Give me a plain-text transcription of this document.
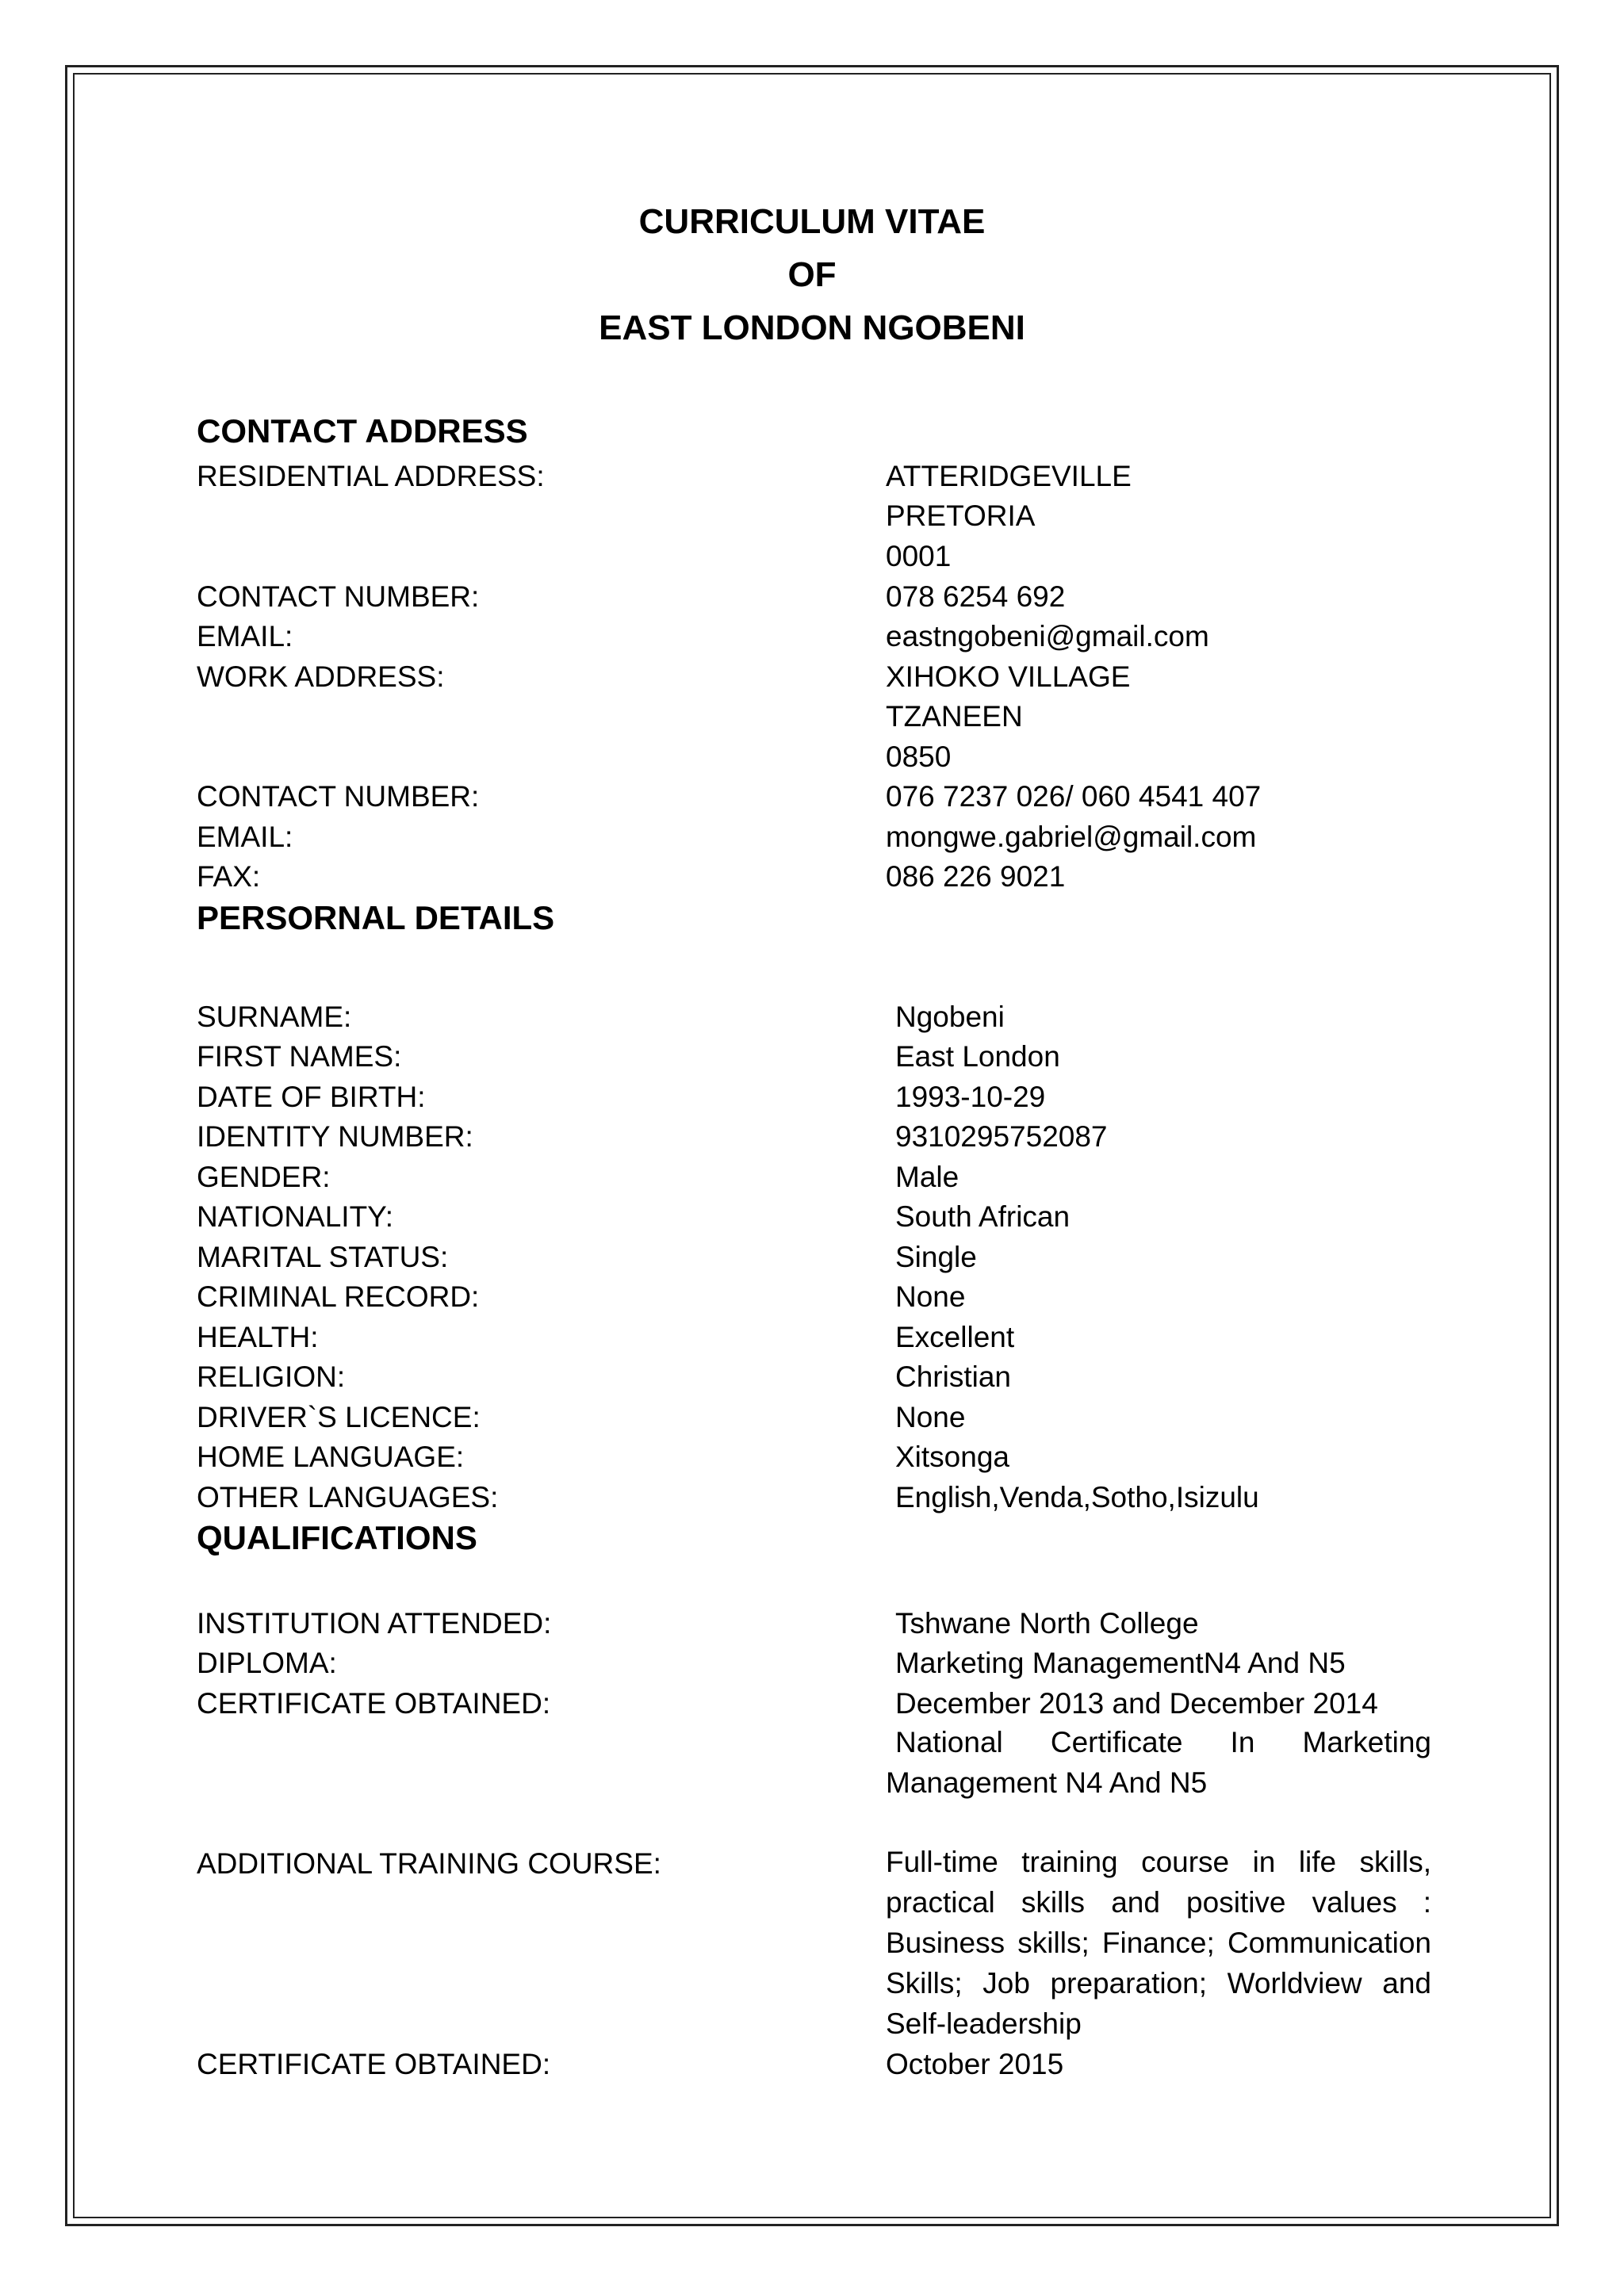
CURRICULUM VITAE
OF
EAST LONDON NGOBENI
CONTACT ADDRESS
RESIDENTIAL ADDRESS:	ATTERIDGEVILLE
PRETORIA
0001
CONTACT NUMBER:	078 6254 692
EMAIL:	eastngobeni@gmail.com
WORK ADDRESS:	XIHOKO VILLAGE
TZANEEN
0850
CONTACT NUMBER:	076 7237 026/ 060 4541 407
EMAIL:	mongwe.gabriel@gmail.com
FAX:	086 226 9021
PERSORNAL DETAILS
SURNAME:	Ngobeni
FIRST NAMES:	East London
DATE OF BIRTH:	1993-10-29
IDENTITY NUMBER:	9310295752087
GENDER:	Male
NATIONALITY:	South African
MARITAL STATUS:	Single
CRIMINAL RECORD:	None
HEALTH:	Excellent
RELIGION:	Christian
DRIVER`S LICENCE:	None
HOME LANGUAGE:	Xitsonga
OTHER LANGUAGES:	English,Venda,Sotho,Isizulu
QUALIFICATIONS
INSTITUTION ATTENDED:	Tshwane North College
DIPLOMA:	Marketing ManagementN4 And N5
CERTIFICATE OBTAINED:	December 2013 and December 2014
National Certificate In Marketing Management N4 And N5
ADDITIONAL TRAINING COURSE:	Full-time training course in life skills, practical skills and positive values : Business skills; Finance; Communication Skills; Job preparation; Worldview and Self-leadership
CERTIFICATE OBTAINED:	October 2015
